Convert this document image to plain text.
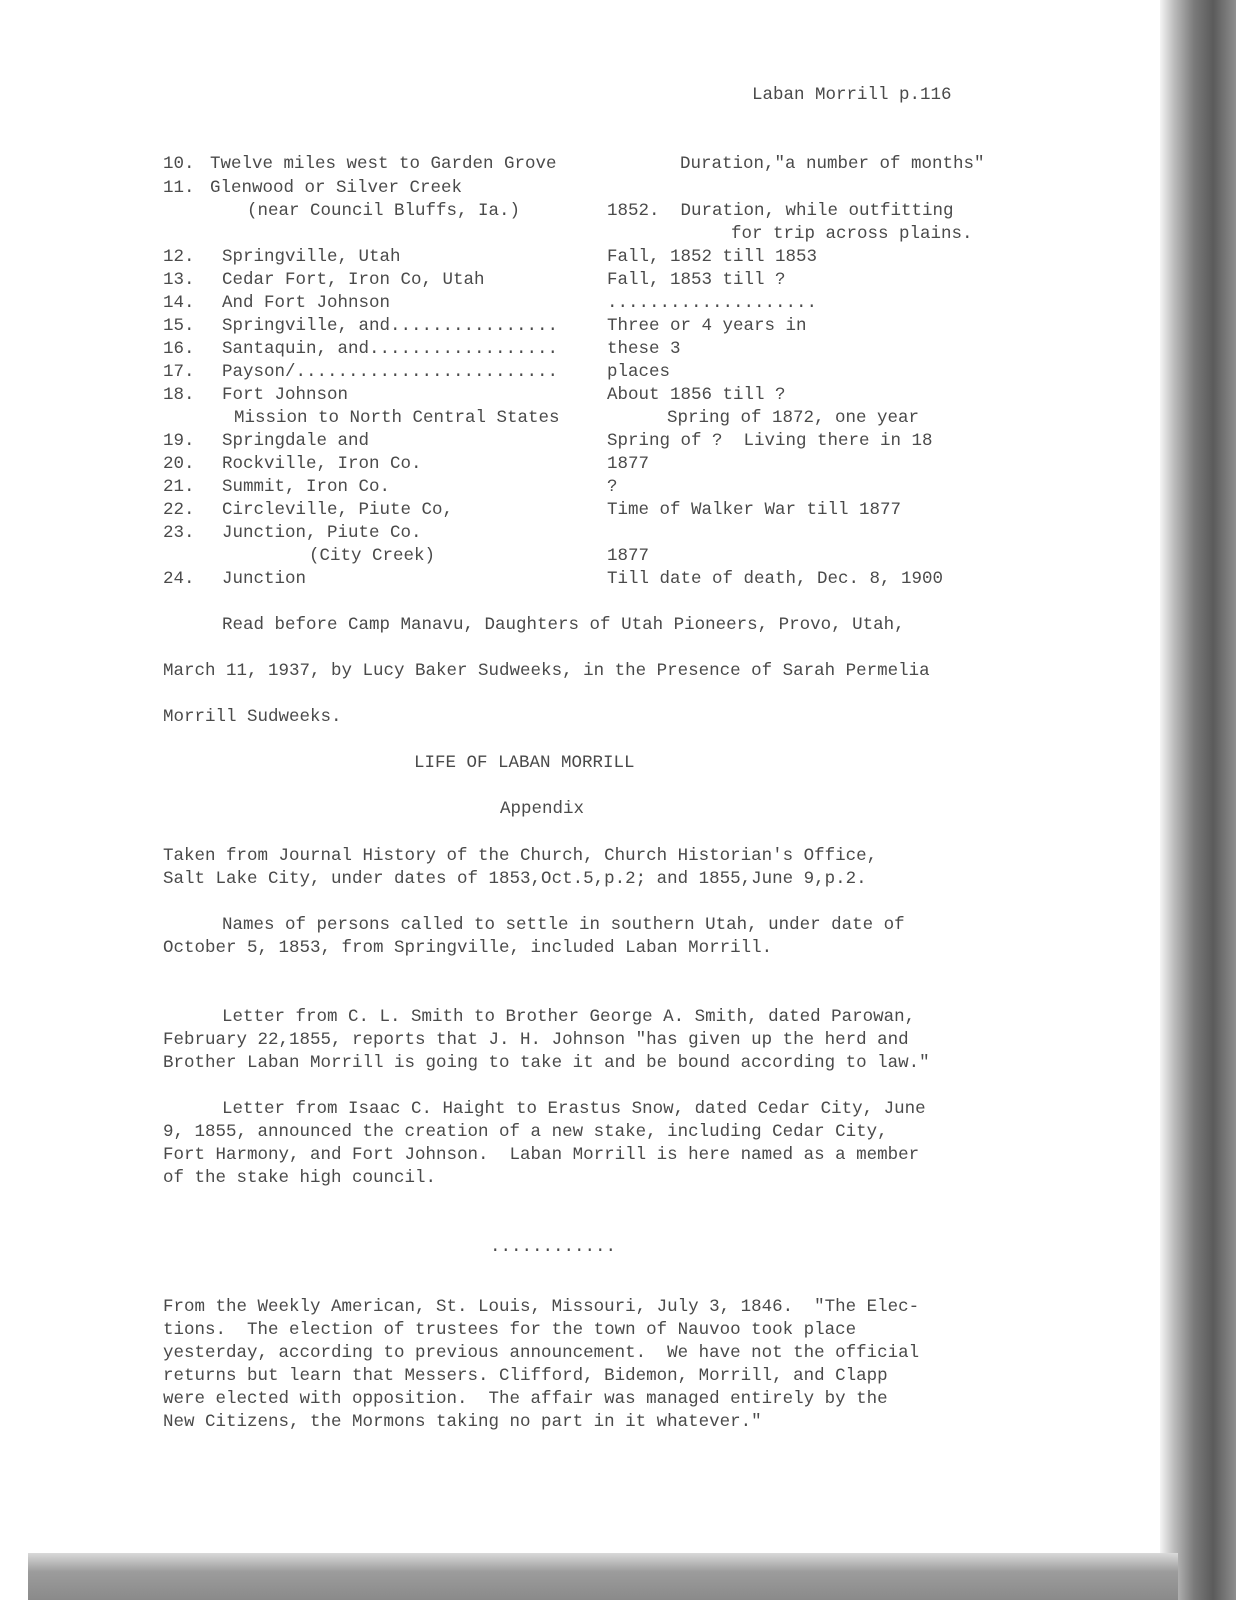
Laban Morrill p.116
10. Twelve miles west to Garden Grove	Duration,"a number of months"
11. Glenwood or Silver Creek
(near Council Bluffs, Ia.)	1852.  Duration, while outfitting
for trip across plains.
12. Springville, Utah	Fall, 1852 till 1853
13. Cedar Fort, Iron Co, Utah	Fall, 1853 till ?
14. And Fort Johnson	....................
15. Springville, and................	Three or 4 years in
16. Santaquin, and..................	these 3
17. Payson/.........................	places
18. Fort Johnson	About 1856 till ?
Mission to North Central States	Spring of 1872, one year
19. Springdale and	Spring of ?  Living there in 18
20. Rockville, Iron Co.	1877
21. Summit, Iron Co.	?
22. Circleville, Piute Co,	Time of Walker War till 1877
23. Junction, Piute Co.
(City Creek)	1877
24. Junction	Till date of death, Dec. 8, 1900
Read before Camp Manavu, Daughters of Utah Pioneers, Provo, Utah,
March 11, 1937, by Lucy Baker Sudweeks, in the Presence of Sarah Permelia
Morrill Sudweeks.
LIFE OF LABAN MORRILL
Appendix
Taken from Journal History of the Church, Church Historian's Office,
Salt Lake City, under dates of 1853,Oct.5,p.2; and 1855,June 9,p.2.
Names of persons called to settle in southern Utah, under date of
October 5, 1853, from Springville, included Laban Morrill.
Letter from C. L. Smith to Brother George A. Smith, dated Parowan,
February 22,1855, reports that J. H. Johnson "has given up the herd and
Brother Laban Morrill is going to take it and be bound according to law."
Letter from Isaac C. Haight to Erastus Snow, dated Cedar City, June
9, 1855, announced the creation of a new stake, including Cedar City,
Fort Harmony, and Fort Johnson.  Laban Morrill is here named as a member
of the stake high council.
............
From the Weekly American, St. Louis, Missouri, July 3, 1846.  "The Elec-
tions.  The election of trustees for the town of Nauvoo took place
yesterday, according to previous announcement.  We have not the official
returns but learn that Messers. Clifford, Bidemon, Morrill, and Clapp
were elected with opposition.  The affair was managed entirely by the
New Citizens, the Mormons taking no part in it whatever."
